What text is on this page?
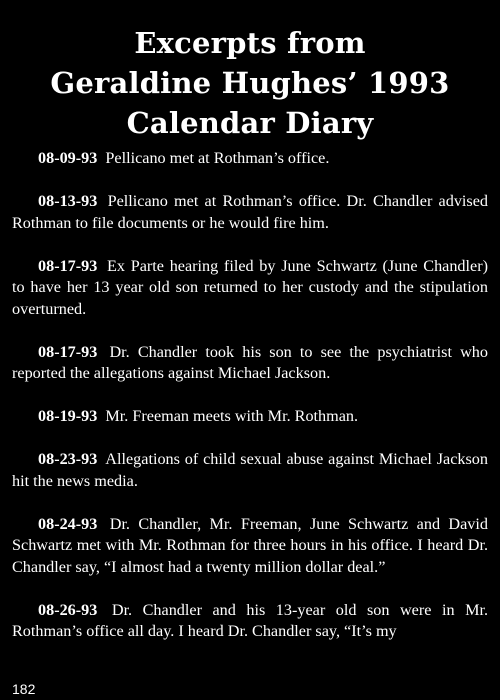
Excerpts from
Geraldine Hughes’ 1993
Calendar Diary

08-09-93 Pellicano met at Rothman’s office.

08-13-93 Pellicano met at Rothman’s office. Dr. Chandler advised Rothman to file documents or he would fire him.

08-17-93 Ex Parte hearing filed by June Schwartz (June Chandler) to have her 13 year old son returned to her custody and the stipulation overturned.

08-17-93 Dr. Chandler took his son to see the psychiatrist who reported the allegations against Michael Jackson.

08-19-93 Mr. Freeman meets with Mr. Rothman.

08-23-93 Allegations of child sexual abuse against Michael Jackson hit the news media.

08-24-93 Dr. Chandler, Mr. Freeman, June Schwartz and David Schwartz met with Mr. Rothman for three hours in his office. I heard Dr. Chandler say, “I almost had a twenty million dollar deal.”

08-26-93 Dr. Chandler and his 13-year old son were in Mr. Rothman’s office all day. I heard Dr. Chandler say, “It’s my

182
